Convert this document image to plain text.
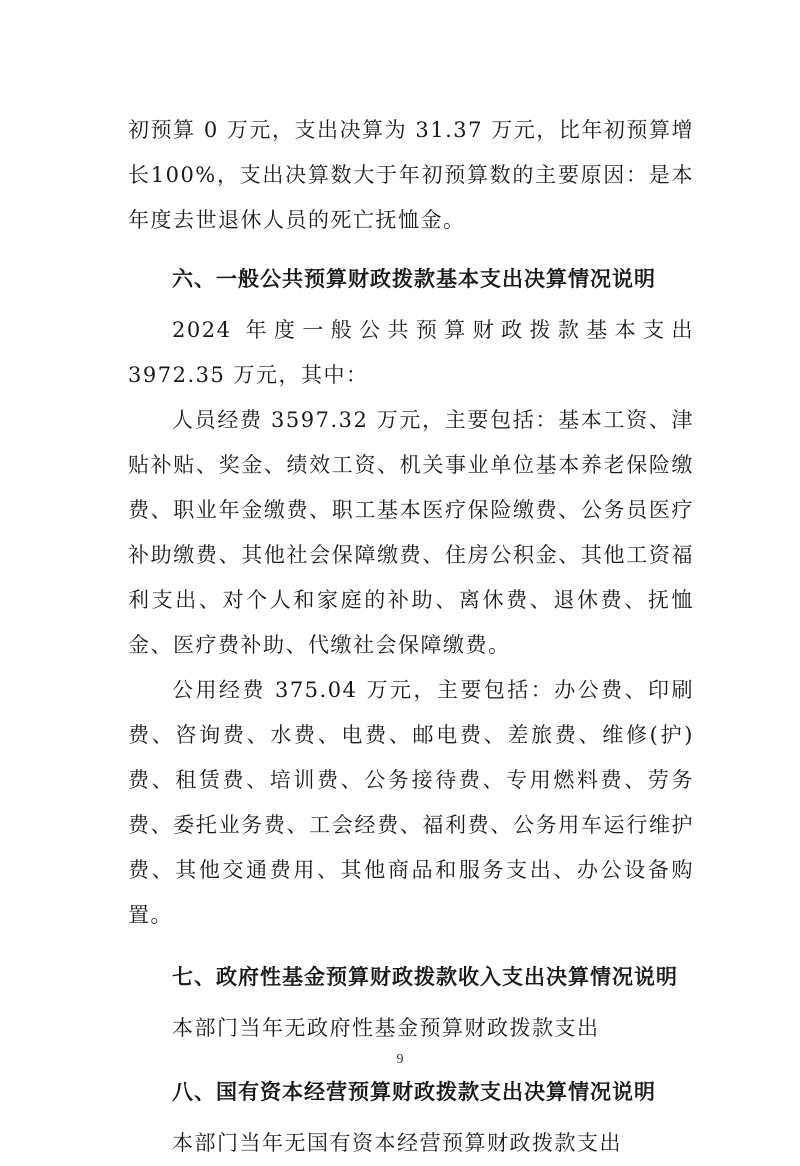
初预算 0 万元，支出决算为 31.37 万元，比年初预算增长100%，支出决算数大于年初预算数的主要原因：是本年度去世退休人员的死亡抚恤金。

六、一般公共预算财政拨款基本支出决算情况说明

2024 年度一般公共预算财政拨款基本支出 3972.35 万元，其中：

人员经费 3597.32 万元，主要包括：基本工资、津贴补贴、奖金、绩效工资、机关事业单位基本养老保险缴费、职业年金缴费、职工基本医疗保险缴费、公务员医疗补助缴费、其他社会保障缴费、住房公积金、其他工资福利支出、对个人和家庭的补助、离休费、退休费、抚恤金、医疗费补助、代缴社会保障缴费。

公用经费 375.04 万元，主要包括：办公费、印刷费、咨询费、水费、电费、邮电费、差旅费、维修(护)费、租赁费、培训费、公务接待费、专用燃料费、劳务费、委托业务费、工会经费、福利费、公务用车运行维护费、其他交通费用、其他商品和服务支出、办公设备购置。

七、政府性基金预算财政拨款收入支出决算情况说明

本部门当年无政府性基金预算财政拨款支出

八、国有资本经营预算财政拨款支出决算情况说明

本部门当年无国有资本经营预算财政拨款支出

9
